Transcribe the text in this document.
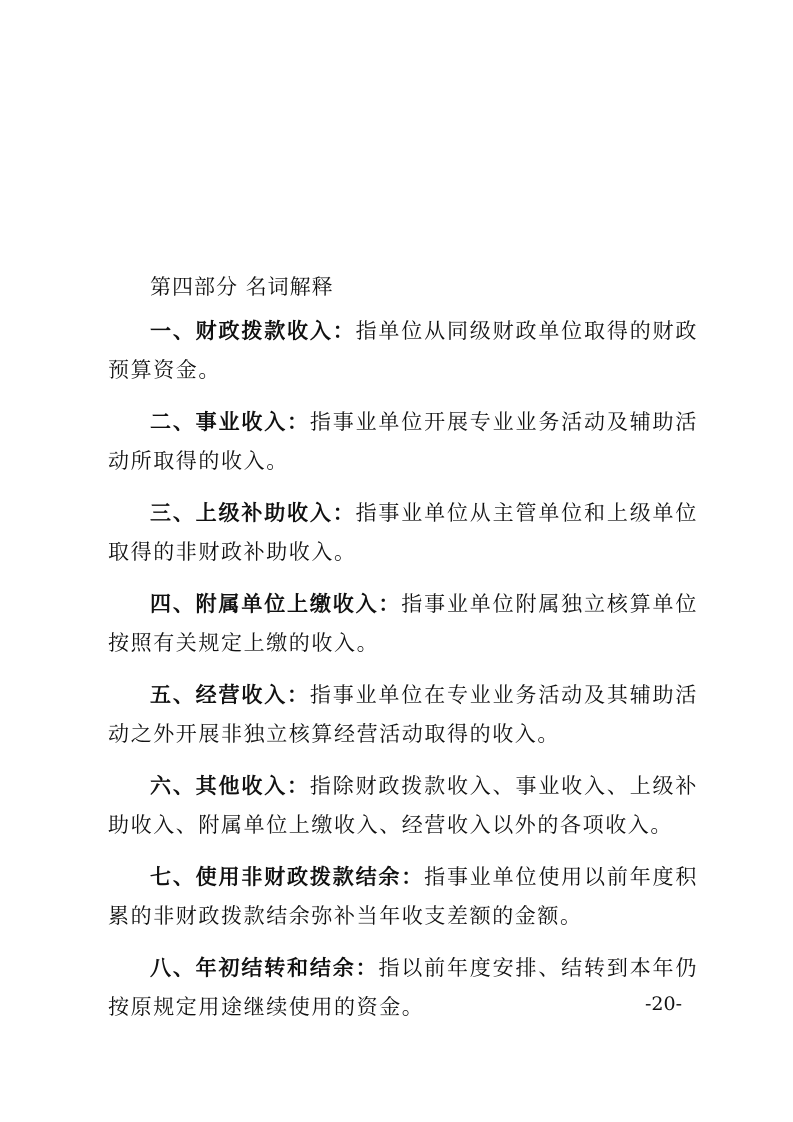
第四部分 名词解释

一、财政拨款收入：指单位从同级财政单位取得的财政预算资金。

二、事业收入：指事业单位开展专业业务活动及辅助活动所取得的收入。

三、上级补助收入：指事业单位从主管单位和上级单位取得的非财政补助收入。

四、附属单位上缴收入：指事业单位附属独立核算单位按照有关规定上缴的收入。

五、经营收入：指事业单位在专业业务活动及其辅助活动之外开展非独立核算经营活动取得的收入。

六、其他收入：指除财政拨款收入、事业收入、上级补助收入、附属单位上缴收入、经营收入以外的各项收入。

七、使用非财政拨款结余：指事业单位使用以前年度积累的非财政拨款结余弥补当年收支差额的金额。

八、年初结转和结余：指以前年度安排、结转到本年仍按原规定用途继续使用的资金。	-20-
